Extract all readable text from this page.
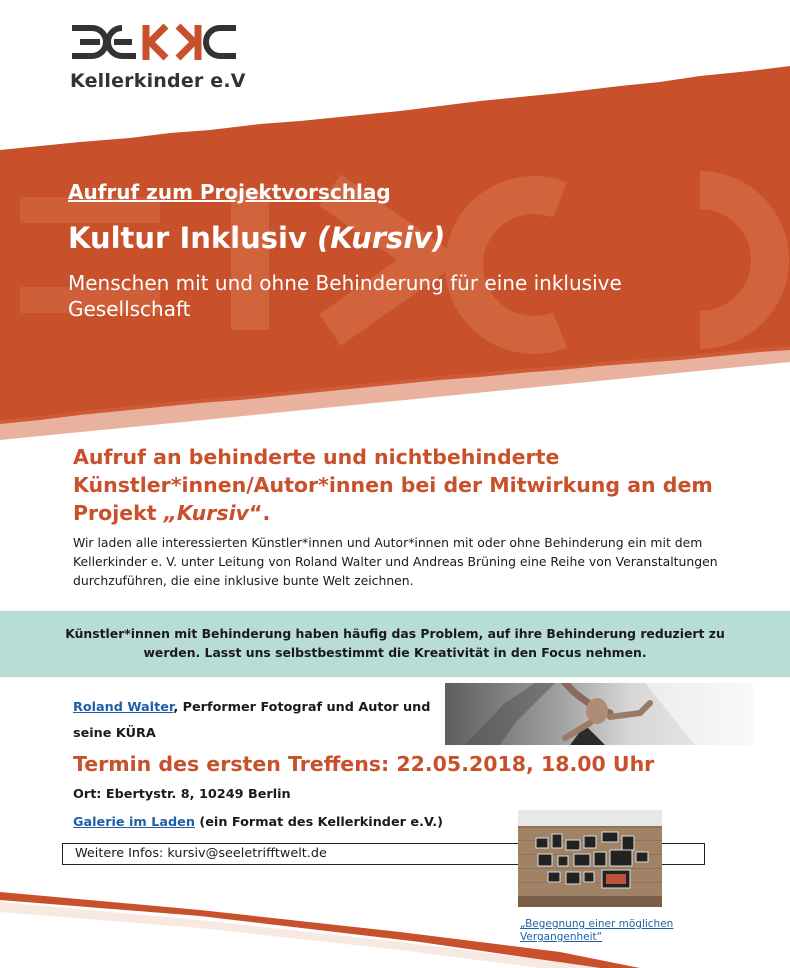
Kellerkinder e.V
Aufruf zum Projektvorschlag
Kultur Inklusiv (Kursiv)
Menschen mit und ohne Behinderung für eine inklusive Gesellschaft
Aufruf an behinderte und nichtbehinderte Künstler*innen/Autor*innen bei der Mitwirkung an dem Projekt „Kursiv“.
Wir laden alle interessierten Künstler*innen und Autor*innen mit oder ohne Behinderung ein mit dem Kellerkinder e. V. unter Leitung von Roland Walter und Andreas Brüning eine Reihe von Veranstaltungen durchzuführen, die eine inklusive bunte Welt zeichnen.
Künstler*innen mit Behinderung haben häufig das Problem, auf ihre Behinderung reduziert zu werden. Lasst uns selbstbestimmt die Kreativität in den Focus nehmen.
Roland Walter, Performer Fotograf und Autor und seine KÜRA
Termin des ersten Treffens: 22.05.2018, 18.00 Uhr
Ort: Ebertystr. 8, 10249 Berlin
Galerie im Laden (ein Format des Kellerkinder e.V.)
Weitere Infos: kursiv@seeletrifftwelt.de
„Begegnung einer möglichen Vergangenheit“
